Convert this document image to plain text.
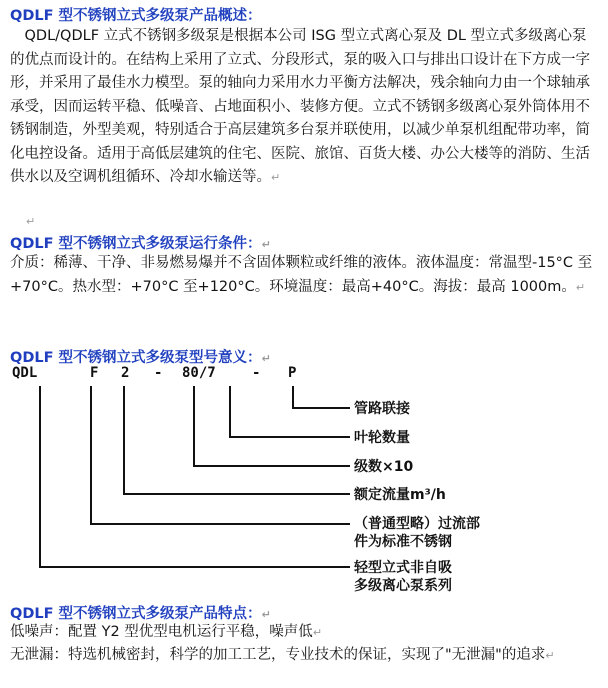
QDLF 型不锈钢立式多级泵产品概述：

　QDL/QDLF 立式不锈钢多级泵是根据本公司 ISG 型立式离心泵及 DL 型立式多级离心泵的优点而设计的。在结构上采用了立式、分段形式，泵的吸入口与排出口设计在下方成一字形，并采用了最佳水力模型。泵的轴向力采用水力平衡方法解决，残余轴向力由一个球轴承承受，因而运转平稳、低噪音、占地面积小、装修方便。立式不锈钢多级离心泵外筒体用不锈钢制造，外型美观，特别适合于高层建筑多台泵并联使用，以减少单泵机组配带功率，简化电控设备。适用于高低层建筑的住宅、医院、旅馆、百货大楼、办公大楼等的消防、生活供水以及空调机组循环、冷却水输送等。 ↵

↵
QDLF 型不锈钢立式多级泵运行条件： ↵

介质：稀薄、干净、非易燃易爆并不含固体颗粒或纤维的液体。液体温度：常温型-15°C 至+70°C。热水型：+70°C 至+120°C。环境温度：最高+40°C。海拔：最高 1000m。 ↵

QDLF 型不锈钢立式多级泵型号意义： ↵
QDL	F 2 - 80/7	- P
管路联接
叶轮数量
级数×10
额定流量m³/h
（普通型略）过流部
件为标准不锈钢
轻型立式非自吸
多级离心泵系列
QDLF 型不锈钢立式多级泵产品特点： ↵

低噪声：配置 Y2 型优型电机运行平稳，噪声低 ↵

无泄漏：特选机械密封，科学的加工工艺，专业技术的保证，实现了"无泄漏"的追求 ↵
